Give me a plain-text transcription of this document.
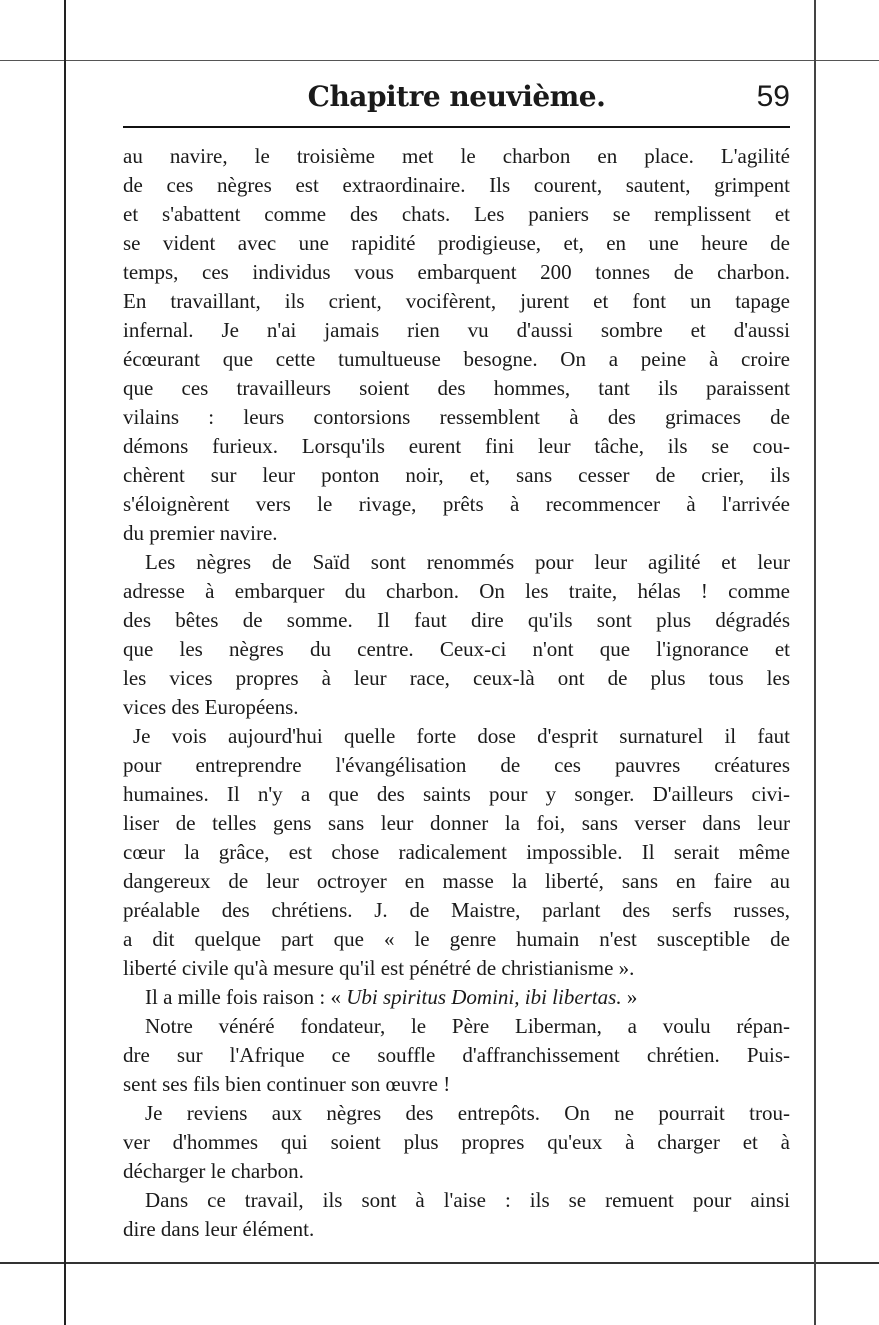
Chapitre neuvième.	59
au navire, le troisième met le charbon en place. L'agilité
de ces nègres est extraordinaire. Ils courent, sautent, grimpent
et s'abattent comme des chats. Les paniers se remplissent et
se vident avec une rapidité prodigieuse, et, en une heure de
temps, ces individus vous embarquent 200 tonnes de charbon.
En travaillant, ils crient, vocifèrent, jurent et font un tapage
infernal. Je n'ai jamais rien vu d'aussi sombre et d'aussi
écœurant que cette tumultueuse besogne. On a peine à croire
que ces travailleurs soient des hommes, tant ils paraissent
vilains : leurs contorsions ressemblent à des grimaces de
démons furieux. Lorsqu'ils eurent fini leur tâche, ils se cou-
chèrent sur leur ponton noir, et, sans cesser de crier, ils
s'éloignèrent vers le rivage, prêts à recommencer à l'arrivée
du premier navire.
Les nègres de Saïd sont renommés pour leur agilité et leur
adresse à embarquer du charbon. On les traite, hélas ! comme
des bêtes de somme. Il faut dire qu'ils sont plus dégradés
que les nègres du centre. Ceux-ci n'ont que l'ignorance et
les vices propres à leur race, ceux-là ont de plus tous les
vices des Européens.
Je vois aujourd'hui quelle forte dose d'esprit surnaturel il faut
pour entreprendre l'évangélisation de ces pauvres créatures
humaines. Il n'y a que des saints pour y songer. D'ailleurs civi-
liser de telles gens sans leur donner la foi, sans verser dans leur
cœur la grâce, est chose radicalement impossible. Il serait même
dangereux de leur octroyer en masse la liberté, sans en faire au
préalable des chrétiens. J. de Maistre, parlant des serfs russes,
a dit quelque part que « le genre humain n'est susceptible de
liberté civile qu'à mesure qu'il est pénétré de christianisme ».
Il a mille fois raison : « Ubi spiritus Domini, ibi libertas. »
Notre vénéré fondateur, le Père Liberman, a voulu répan-
dre sur l'Afrique ce souffle d'affranchissement chrétien. Puis-
sent ses fils bien continuer son œuvre !
Je reviens aux nègres des entrepôts. On ne pourrait trou-
ver d'hommes qui soient plus propres qu'eux à charger et à
décharger le charbon.
Dans ce travail, ils sont à l'aise : ils se remuent pour ainsi
dire dans leur élément.
